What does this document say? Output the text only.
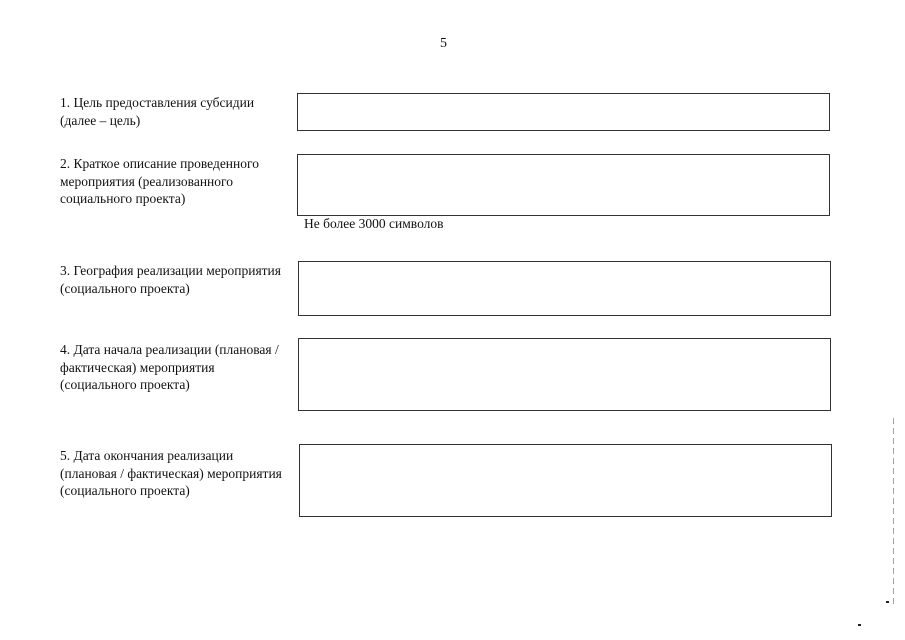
5
1. Цель предоставления субсидии (далее – цель)
2. Краткое описание проведенного мероприятия (реализованного социального проекта)
Не более 3000 символов
3. География реализации мероприятия (социального проекта)
4. Дата начала реализации (плановая / фактическая) мероприятия (социального проекта)
5. Дата окончания реализации (плановая / фактическая) мероприятия (социального проекта)
